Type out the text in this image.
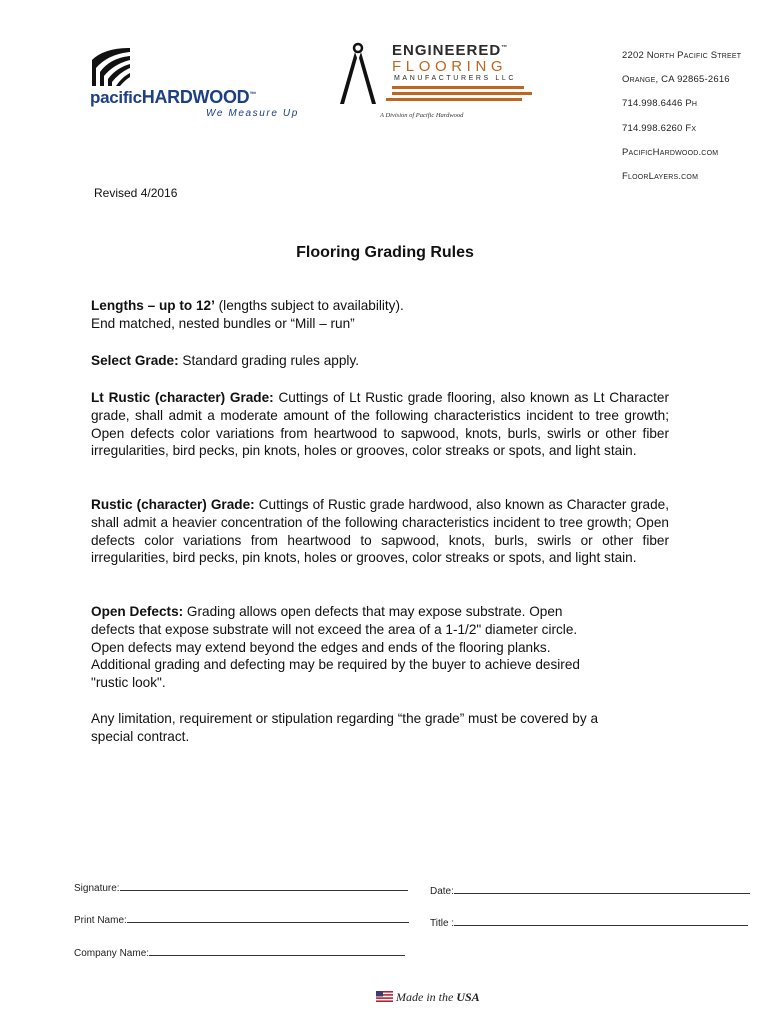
pacificHARDWOOD™
We Measure Up
ENGINEERED™
FLOORING
MANUFACTURERS LLC
A Division of Pacific Hardwood
2202 North Pacific Street
Orange, CA 92865-2616
714.998.6446 Ph
714.998.6260 Fx
PacificHardwood.com
FloorLayers.com
Revised 4/2016
Flooring Grading Rules
Lengths – up to 12’ (lengths subject to availability).
End matched, nested bundles or “Mill – run”
Select Grade: Standard grading rules apply.
Lt Rustic (character) Grade: Cuttings of Lt Rustic grade flooring, also known as Lt Character grade, shall admit a moderate amount of the following characteristics incident to tree growth; Open defects color variations from heartwood to sapwood, knots, burls, swirls or other fiber irregularities, bird pecks, pin knots, holes or grooves, color streaks or spots, and light stain.
Rustic (character) Grade: Cuttings of Rustic grade hardwood, also known as Character grade, shall admit a heavier concentration of the following characteristics incident to tree growth; Open defects color variations from heartwood to sapwood, knots, burls, swirls or other fiber irregularities, bird pecks, pin knots, holes or grooves, color streaks or spots, and light stain.
Open Defects: Grading allows open defects that may expose substrate. Open
defects that expose substrate will not exceed the area of a 1-1/2" diameter circle.
Open defects may extend beyond the edges and ends of the flooring planks.
Additional grading and defecting may be required by the buyer to achieve desired
"rustic look".
Any limitation, requirement or stipulation regarding “the grade” must be covered by a
special contract.
Signature:	Date:
Print Name:	Title :
Company Name:
Made in the USA
